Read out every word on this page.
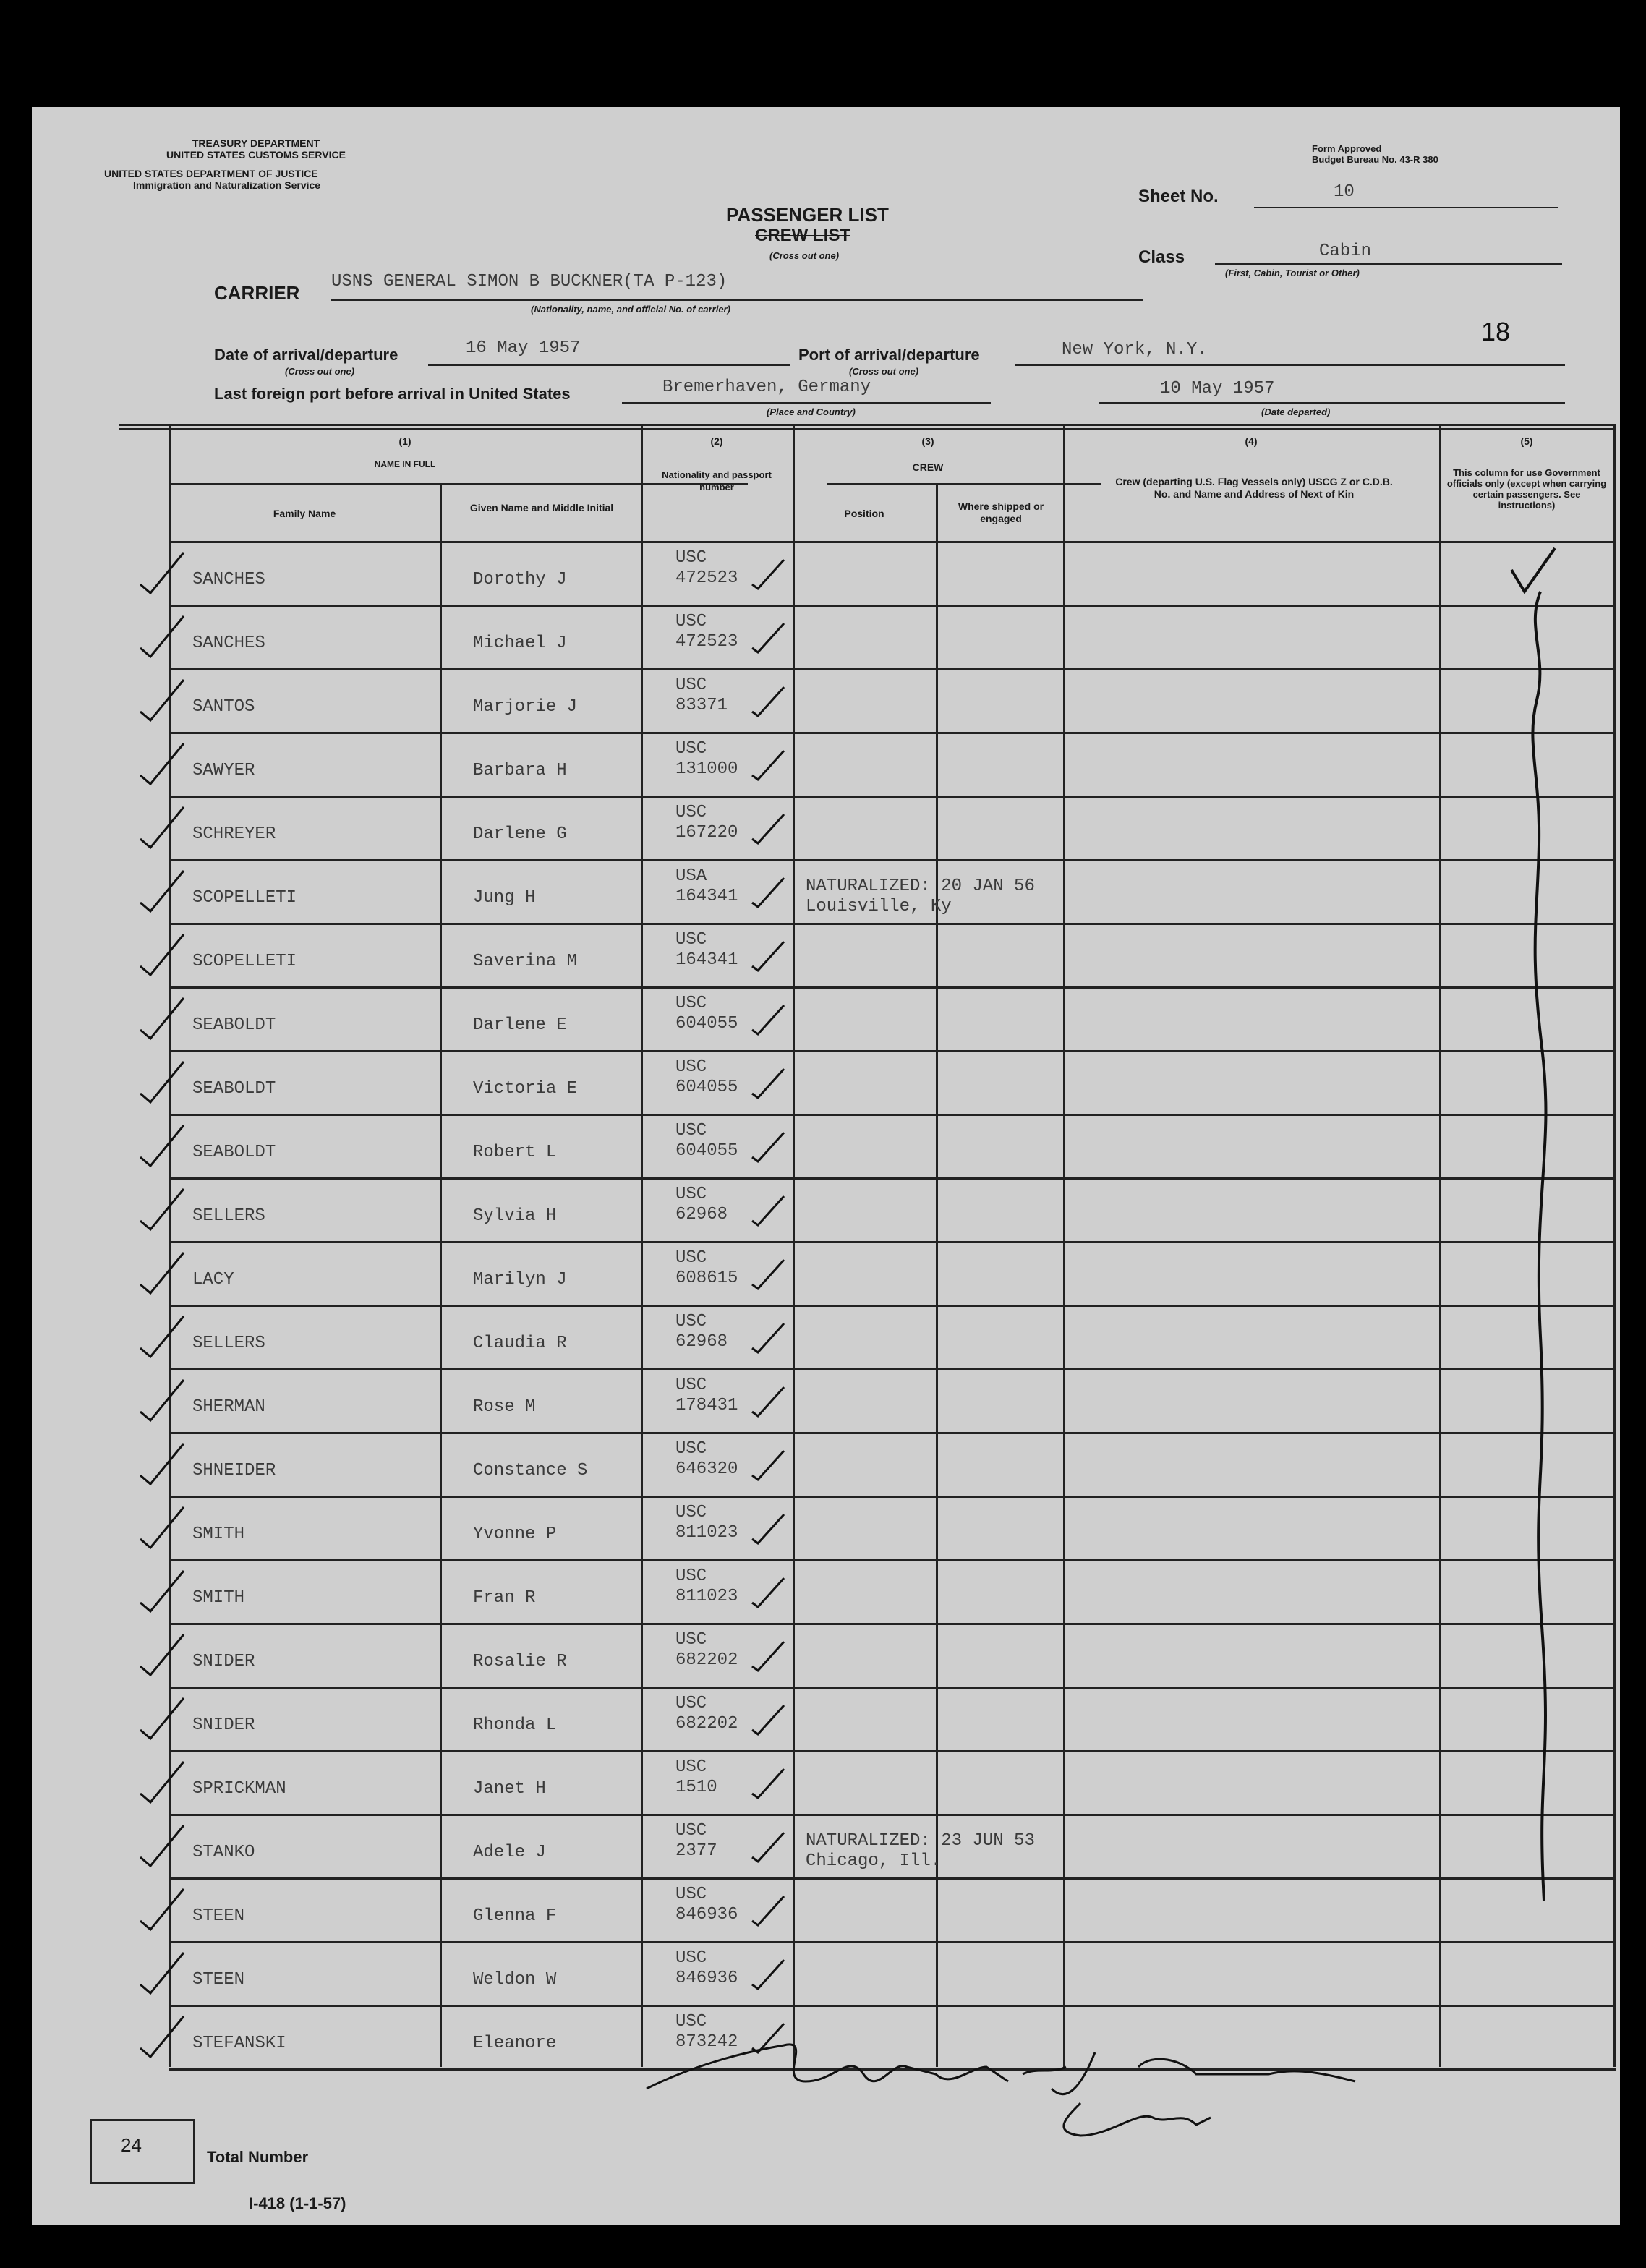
TREASURY DEPARTMENT
UNITED STATES CUSTOMS SERVICE
UNITED STATES DEPARTMENT OF JUSTICE
Immigration and Naturalization Service
Form Approved
Budget Bureau No. 43-R 380
PASSENGER LIST
CREW LIST
(Cross out one)
Sheet No.	10
Class	Cabin
(First, Cabin, Tourist or Other)
CARRIER
USNS GENERAL SIMON B BUCKNER(TA P-123)
(Nationality, name, and official No. of carrier)
18
Date of arrival/departure
(Cross out one)
16 May 1957	Port of arrival/departure
(Cross out one)
New York, N.Y.
Last foreign port before arrival in United States	Bremerhaven, Germany
(Place and Country)
10 May 1957
(Date departed)
(1)
NAME IN FULL
Family Name	Given Name and Middle Initial
(2)
Nationality and passport number
(3)
CREW
Position
Where shipped or engaged
(4)
Crew (departing U.S. Flag Vessels only) USCG Z or C.D.B. No. and Name and Address of Next of Kin
(5)
This column for use Government officials only (except when carrying certain passengers. See instructions)
SANCHES	Dorothy J
USC
472523
SANCHES	Michael J
USC
472523
SANTOS	Marjorie J
USC
83371
SAWYER	Barbara H
USC
131000
SCHREYER	Darlene G
USC
167220
SCOPELLETI	Jung H
USA
164341
NATURALIZED: 20 JAN 56
Louisville, Ky
SCOPELLETI	Saverina M
USC
164341
SEABOLDT	Darlene E
USC
604055
SEABOLDT	Victoria E
USC
604055
SEABOLDT	Robert L
USC
604055
SELLERS	Sylvia H
USC
62968
LACY	Marilyn J
USC
608615
SELLERS	Claudia R
USC
62968
SHERMAN	Rose M
USC
178431
SHNEIDER	Constance S
USC
646320
SMITH	Yvonne P
USC
811023
SMITH	Fran R
USC
811023
SNIDER	Rosalie R
USC
682202
SNIDER	Rhonda L
USC
682202
SPRICKMAN	Janet H
USC
1510
STANKO	Adele J
USC
2377
NATURALIZED: 23 JUN 53
Chicago, Ill.
STEEN	Glenna F
USC
846936
STEEN	Weldon W
USC
846936
STEFANSKI	Eleanore
USC
873242
24
Total Number
I-418 (1-1-57)
